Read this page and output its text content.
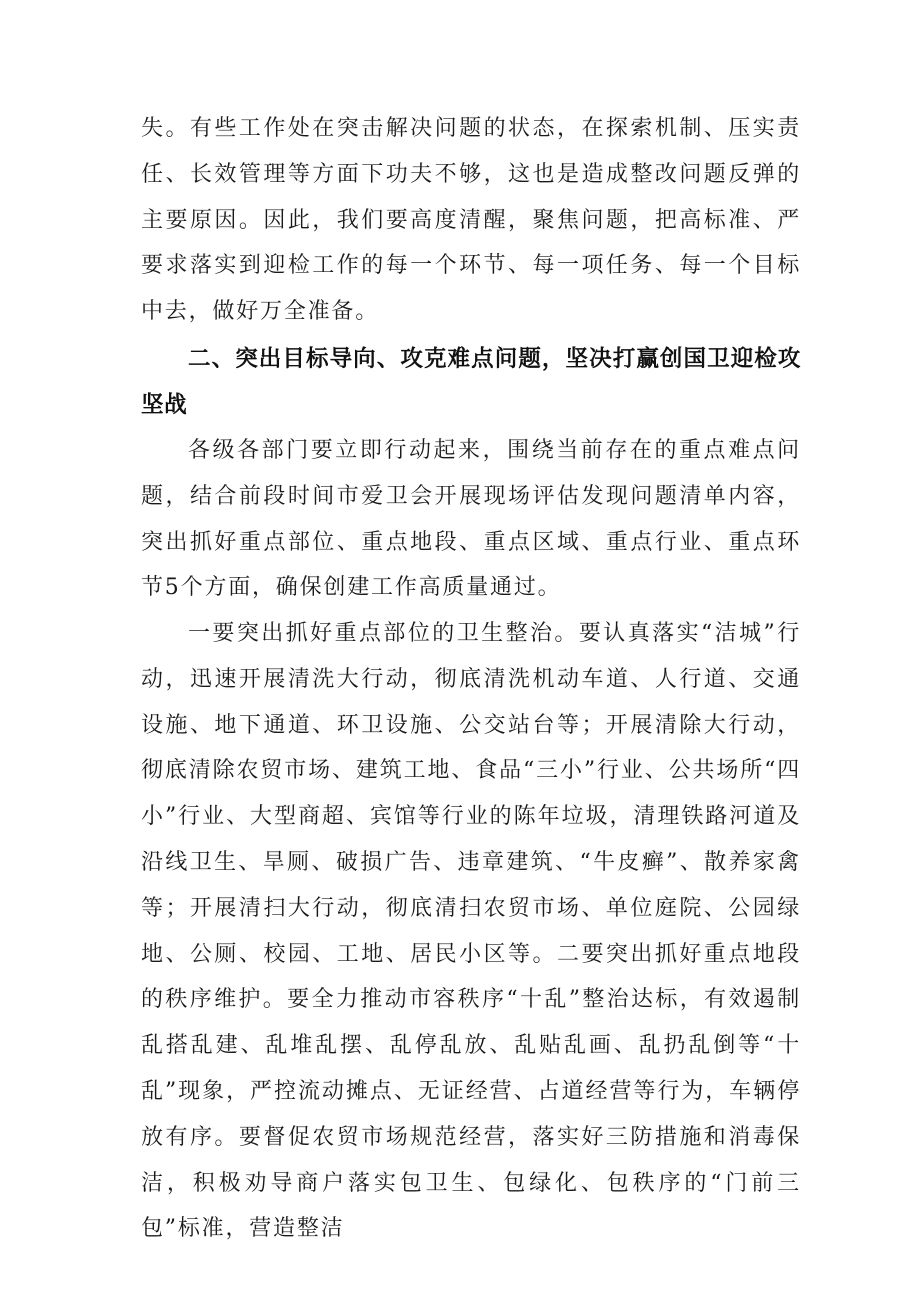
失。有些工作处在突击解决问题的状态，在探索机制、压实责任、长效管理等方面下功夫不够，这也是造成整改问题反弹的主要原因。因此，我们要高度清醒，聚焦问题，把高标准、严要求落实到迎检工作的每一个环节、每一项任务、每一个目标中去，做好万全准备。

二、突出目标导向、攻克难点问题，坚决打赢创国卫迎检攻坚战

各级各部门要立即行动起来，围绕当前存在的重点难点问题，结合前段时间市爱卫会开展现场评估发现问题清单内容，突出抓好重点部位、重点地段、重点区域、重点行业、重点环节5个方面，确保创建工作高质量通过。

一要突出抓好重点部位的卫生整治。要认真落实“洁城”行动，迅速开展清洗大行动，彻底清洗机动车道、人行道、交通设施、地下通道、环卫设施、公交站台等；开展清除大行动，彻底清除农贸市场、建筑工地、食品“三小”行业、公共场所“四小”行业、大型商超、宾馆等行业的陈年垃圾，清理铁路河道及沿线卫生、旱厕、破损广告、违章建筑、“牛皮癣”、散养家禽等；开展清扫大行动，彻底清扫农贸市场、单位庭院、公园绿地、公厕、校园、工地、居民小区等。二要突出抓好重点地段的秩序维护。要全力推动市容秩序“十乱”整治达标，有效遏制乱搭乱建、乱堆乱摆、乱停乱放、乱贴乱画、乱扔乱倒等“十乱”现象，严控流动摊点、无证经营、占道经营等行为，车辆停放有序。要督促农贸市场规范经营，落实好三防措施和消毒保洁，积极劝导商户落实包卫生、包绿化、包秩序的“门前三包”标准，营造整洁
